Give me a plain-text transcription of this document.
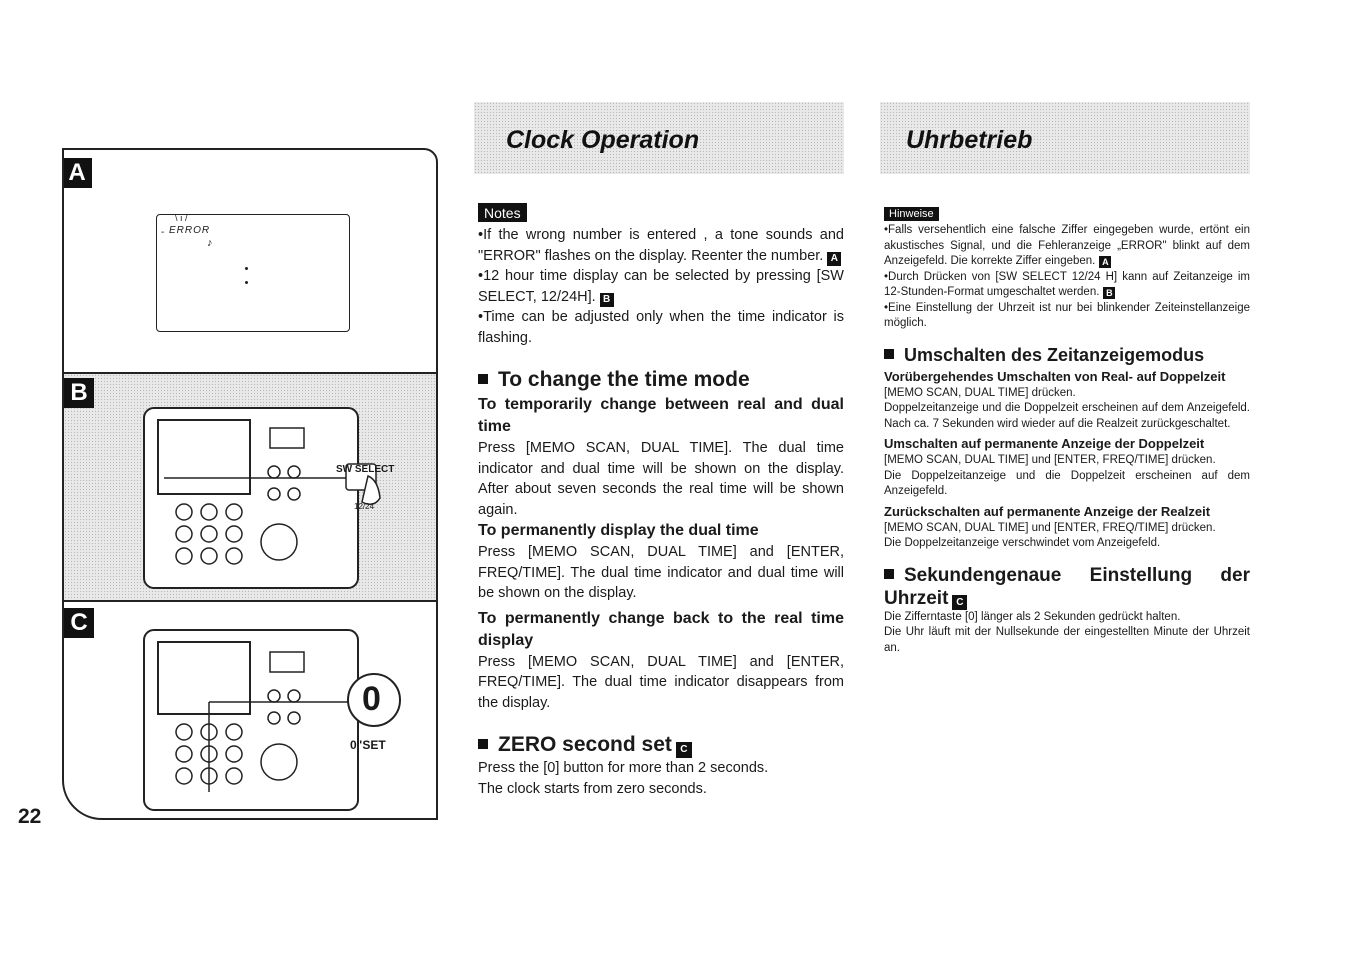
A
ERROR
-
\ ı /
♪
B
SW SELECT
12/24
C
0
0"SET
22
Clock Operation	Uhrbetrieb
Notes

•If the wrong number is entered , a tone sounds and "ERROR" flashes on the display. Reenter the number. A

•12 hour time display can be selected by pressing [SW SELECT, 12/24H]. B

•Time can be adjusted only when the time indicator is flashing.

To change the time mode
To temporarily change between real and dual time

Press [MEMO SCAN, DUAL TIME]. The dual time indicator and dual time will be shown on the display. After about seven seconds the real time will be shown again.

To permanently display the dual time

Press [MEMO SCAN, DUAL TIME] and [ENTER, FREQ/TIME]. The dual time indicator and dual time will be shown on the display.

To permanently change back to the real time display

Press [MEMO SCAN, DUAL TIME] and [ENTER, FREQ/TIME]. The dual time indicator disappears from the display.

ZERO second set C

Press the [0] button for more than 2 seconds.

The clock starts from zero seconds.

Hinweise

•Falls versehentlich eine falsche Ziffer eingegeben wurde, ertönt ein akustisches Signal, und die Fehleranzeige „ERROR" blinkt auf dem Anzeigefeld. Die korrekte Ziffer eingeben. A

•Durch Drücken von [SW SELECT 12/24 H] kann auf Zeitanzeige im 12-Stunden-Format umgeschaltet werden. B

•Eine Einstellung der Uhrzeit ist nur bei blinkender Zeiteinstellanzeige möglich.

Umschalten des Zeitanzeigemodus
Vorübergehendes Umschalten von Real- auf Doppelzeit

[MEMO SCAN, DUAL TIME] drücken.

Doppelzeitanzeige und die Doppelzeit erscheinen auf dem Anzeigefeld. Nach ca. 7 Sekunden wird wieder auf die Realzeit zurückgeschaltet.

Umschalten auf permanente Anzeige der Doppelzeit

[MEMO SCAN, DUAL TIME] und [ENTER, FREQ/TIME] drücken.

Die Doppelzeitanzeige und die Doppelzeit erscheinen auf dem Anzeigefeld.

Zurückschalten auf permanente Anzeige der Realzeit

[MEMO SCAN, DUAL TIME] und [ENTER, FREQ/TIME] drücken.

Die Doppelzeitanzeige verschwindet vom Anzeigefeld.

Sekundengenaue Einstellung der Uhrzeit C

Die Zifferntaste [0] länger als 2 Sekunden gedrückt halten.

Die Uhr läuft mit der Nullsekunde der eingestellten Minute der Uhrzeit an.
